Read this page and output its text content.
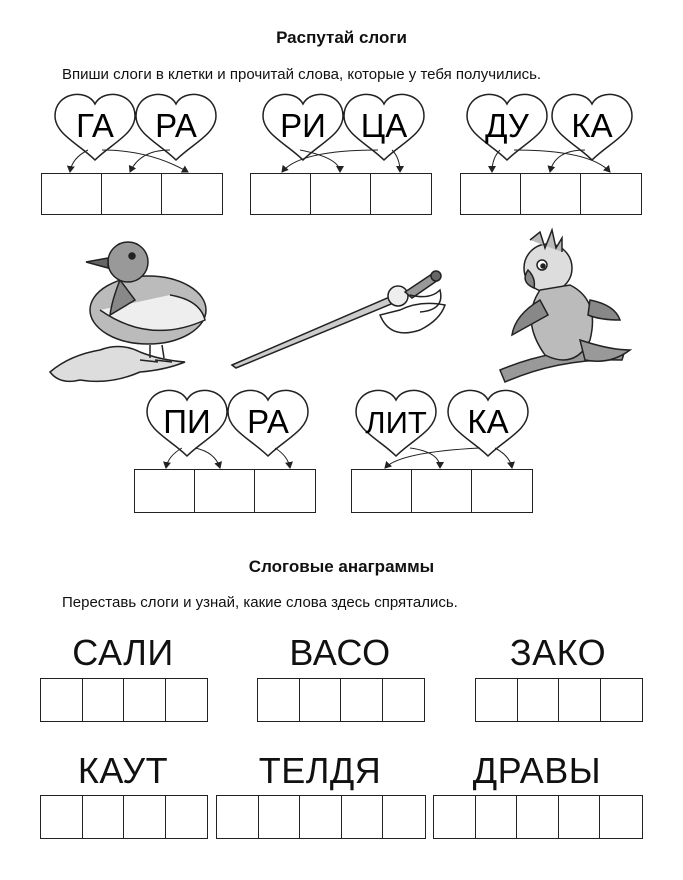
Распутай слоги
Впиши слоги в клетки и прочитай слова, которые у тебя получились.
ГА РА	РИ ЦА ДУ КА
ПИ РА ЛИТ КА
Слоговые анаграммы
Переставь слоги и узнай, какие слова здесь спрятались.
САЛИ	ВАСО	ЗАКО
КАУТ	ТЕЛДЯ	ДРАВЫ
